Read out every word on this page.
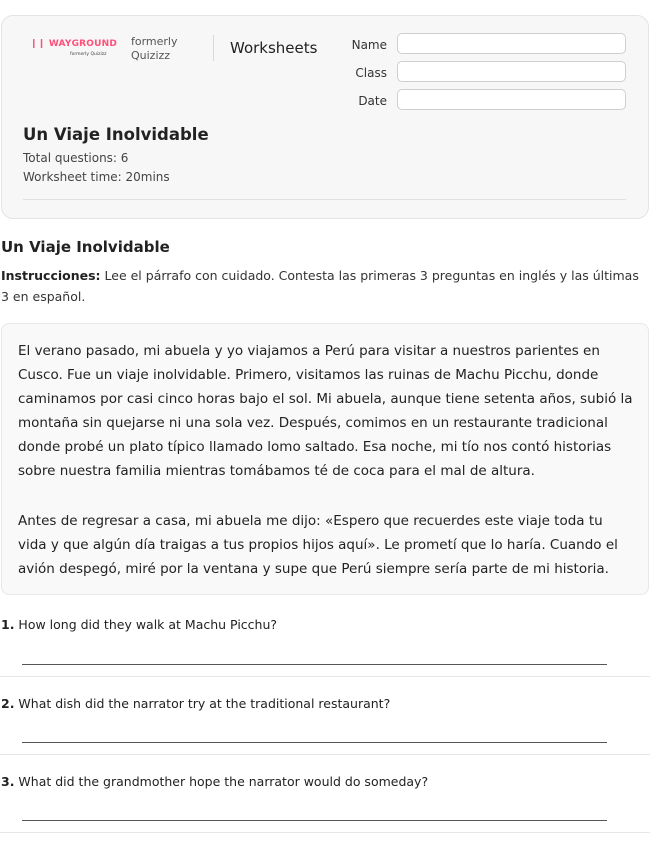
❙❙ WAYGROUND
formerly Quizizz
formerly Quizizz	Worksheets	Name
Class
Date
Un Viaje Inolvidable
Total questions: 6
Worksheet time: 20mins
Un Viaje Inolvidable
Instrucciones: Lee el párrafo con cuidado. Contesta las primeras 3 preguntas en inglés y las últimas 3 en español.
El verano pasado, mi abuela y yo viajamos a Perú para visitar a nuestros parientes en Cusco. Fue un viaje inolvidable. Primero, visitamos las ruinas de Machu Picchu, donde caminamos por casi cinco horas bajo el sol. Mi abuela, aunque tiene setenta años, subió la montaña sin quejarse ni una sola vez. Después, comimos en un restaurante tradicional donde probé un plato típico llamado lomo saltado. Esa noche, mi tío nos contó historias sobre nuestra familia mientras tomábamos té de coca para el mal de altura.
Antes de regresar a casa, mi abuela me dijo: «Espero que recuerdes este viaje toda tu vida y que algún día traigas a tus propios hijos aquí». Le prometí que lo haría. Cuando el avión despegó, miré por la ventana y supe que Perú siempre sería parte de mi historia.
1. How long did they walk at Machu Picchu?
2. What dish did the narrator try at the traditional restaurant?
3. What did the grandmother hope the narrator would do someday?
